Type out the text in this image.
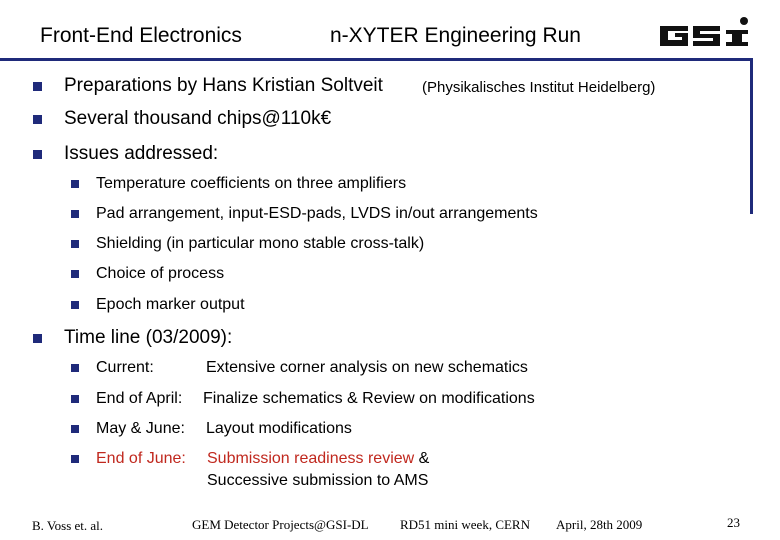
Front-End Electronics	n-XYTER Engineering Run
Preparations by Hans Kristian Soltveit	(Physikalisches Institut Heidelberg)
Several thousand chips@110k€
Issues addressed:
Temperature coefficients on three amplifiers
Pad arrangement, input-ESD-pads, LVDS in/out arrangements
Shielding (in particular mono stable cross-talk)
Choice of process
Epoch marker output
Time line (03/2009):
Current:	Extensive corner analysis on new schematics
End of April: Finalize schematics & Review on modifications
May & June: Layout modifications
End of June: Submission readiness review &
Successive submission to AMS
B. Voss et. al.	GEM Detector Projects@GSI-DL RD51 mini week, CERN April, 28th 2009	23
